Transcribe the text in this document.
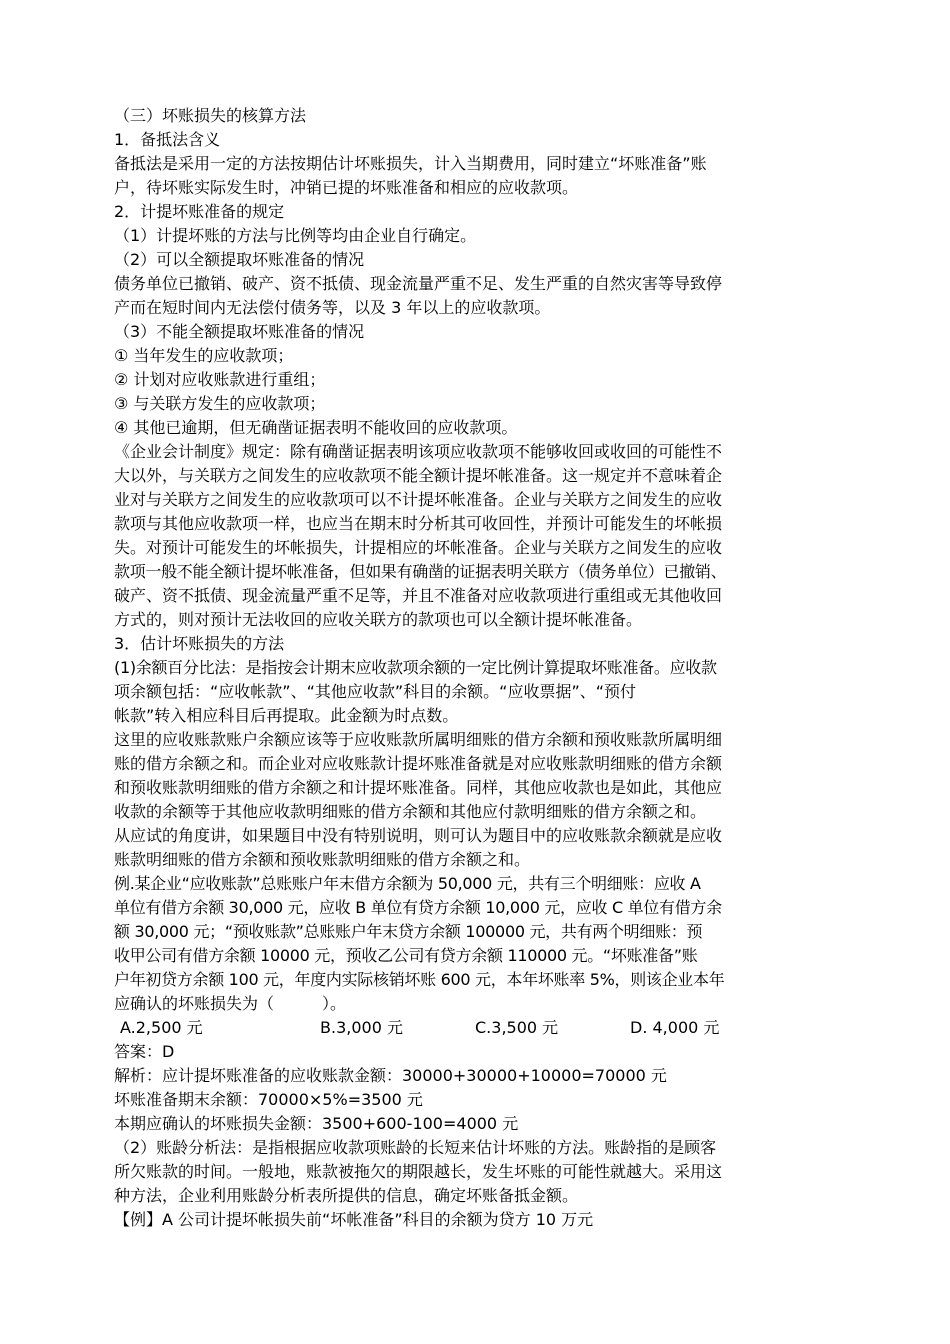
（三）坏账损失的核算方法
1．备抵法含义
备抵法是采用一定的方法按期估计坏账损失，计入当期费用，同时建立“坏账准备”账
户，待坏账实际发生时，冲销已提的坏账准备和相应的应收款项。
2．计提坏账准备的规定
（1）计提坏账的方法与比例等均由企业自行确定。
（2）可以全额提取坏账准备的情况
债务单位已撤销、破产、资不抵债、现金流量严重不足、发生严重的自然灾害等导致停
产而在短时间内无法偿付债务等，以及 3 年以上的应收款项。
（3）不能全额提取坏账准备的情况
① 当年发生的应收款项；
② 计划对应收账款进行重组；
③ 与关联方发生的应收款项；
④ 其他已逾期，但无确凿证据表明不能收回的应收款项。
《企业会计制度》规定：除有确凿证据表明该项应收款项不能够收回或收回的可能性不
大以外，与关联方之间发生的应收款项不能全额计提坏帐准备。这一规定并不意味着企
业对与关联方之间发生的应收款项可以不计提坏帐准备。企业与关联方之间发生的应收
款项与其他应收款项一样，也应当在期末时分析其可收回性，并预计可能发生的坏帐损
失。对预计可能发生的坏帐损失，计提相应的坏帐准备。企业与关联方之间发生的应收
款项一般不能全额计提坏帐准备，但如果有确凿的证据表明关联方（债务单位）已撤销、
破产、资不抵债、现金流量严重不足等，并且不准备对应收款项进行重组或无其他收回
方式的，则对预计无法收回的应收关联方的款项也可以全额计提坏帐准备。
3．估计坏账损失的方法
(1)余额百分比法：是指按会计期末应收款项余额的一定比例计算提取坏账准备。应收款
项余额包括：“应收帐款”、“其他应收款”科目的余额。“应收票据”、“预付
帐款”转入相应科目后再提取。此金额为时点数。
这里的应收账款账户余额应该等于应收账款所属明细账的借方余额和预收账款所属明细
账的借方余额之和。而企业对应收账款计提坏账准备就是对应收账款明细账的借方余额
和预收账款明细账的借方余额之和计提坏账准备。同样，其他应收款也是如此，其他应
收款的余额等于其他应收款明细账的借方余额和其他应付款明细账的借方余额之和。
从应试的角度讲，如果题目中没有特别说明，则可认为题目中的应收账款余额就是应收
账款明细账的借方余额和预收账款明细账的借方余额之和。
例.某企业“应收账款”总账账户年末借方余额为 50,000 元，共有三个明细账：应收 A
单位有借方余额 30,000 元，应收 B 单位有贷方余额 10,000 元，应收 C 单位有借方余
额 30,000 元；“预收账款”总账账户年末贷方余额 100000 元，共有两个明细账：预
收甲公司有借方余额 10000 元，预收乙公司有贷方余额 110000 元。“坏账准备”账
户年初贷方余额 100 元，年度内实际核销坏账 600 元，本年坏账率 5%，则该企业本年
应确认的坏账损失为（　　　）。
A.2,500 元	B.3,000 元	C.3,500 元	D. 4,000 元
答案：D
解析：应计提坏账准备的应收账款金额：30000+30000+10000=70000 元
坏账准备期末余额：70000×5%=3500 元
本期应确认的坏账损失金额：3500+600-100=4000 元
（2）账龄分析法：是指根据应收款项账龄的长短来估计坏账的方法。账龄指的是顾客
所欠账款的时间。一般地，账款被拖欠的期限越长，发生坏账的可能性就越大。采用这
种方法，企业利用账龄分析表所提供的信息，确定坏账备抵金额。
【例】A 公司计提坏帐损失前“坏帐准备”科目的余额为贷方 10 万元
